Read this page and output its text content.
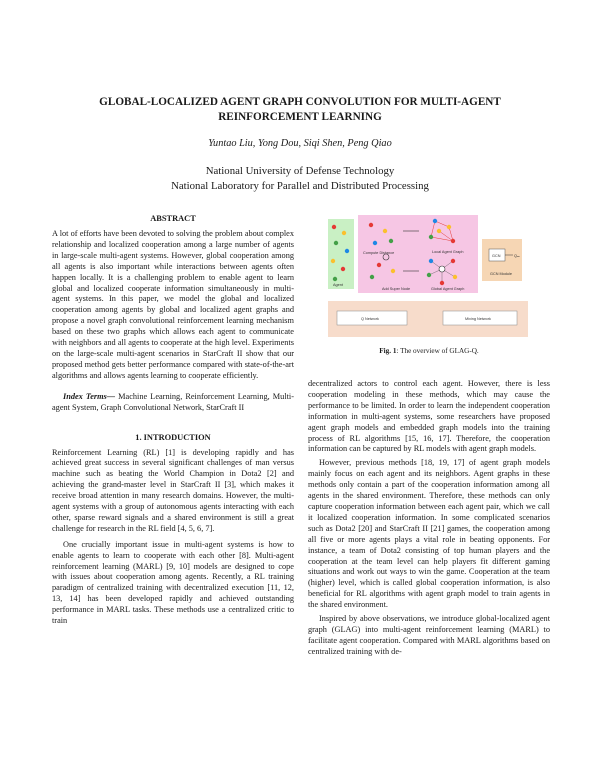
GLOBAL-LOCALIZED AGENT GRAPH CONVOLUTION FOR MULTI-AGENT REINFORCEMENT LEARNING
Yuntao Liu, Yong Dou, Siqi Shen, Peng Qiao
National University of Defense Technology
National Laboratory for Parallel and Distributed Processing
ABSTRACT

A lot of efforts have been devoted to solving the problem about complex relationship and localized cooperation among a large number of agents in large-scale multi-agent systems. However, global cooperation among all agents is also important while interactions between agents often happen locally. It is a challenging problem to enable agent to learn global and localized cooperate information simultaneously in multi-agent systems. In this paper, we model the global and localized cooperation among agents by global and localized agent graphs and propose a novel graph convolutional reinforcement learning mechanism based on these two graphs which allows each agent to communicate with neighbors and all agents to cooperate at the high level. Experiments on the large-scale multi-agent scenarios in StarCraft II show that our proposed method gets better performance compared with state-of-the-art algorithms and allows agents learning to cooperate efficiently.

Index Terms— Machine Learning, Reinforcement Learning, Multi-agent System, Graph Convolutional Network, StarCraft II

1. INTRODUCTION

Reinforcement Learning (RL) [1] is developing rapidly and has achieved great success in several significant challenges of man versus machine such as beating the World Champion in Dota2 [2] and achieving the grand-master level in StarCraft II [3], which makes it receive broad attention in many research domains. However, the multi-agent systems with a group of autonomous agents interacting with each other, sparse reward signals and a shared environment is still a great challenge for research in the RL field [4, 5, 6, 7].

One crucially important issue in multi-agent systems is how to enable agents to learn to cooperate with each other [8]. Multi-agent reinforcement learning (MARL) [9, 10] models are designed to cope with issues about cooperation among agents. Recently, a RL training paradigm of centralized training with decentralized execution [11, 12, 13, 14] has been developed rapidly and achieved outstanding performance in MARL tasks. These methods use a centralized critic to train

Agent
Compute Distance
Add Super Node
Local Agent Graph
Global Agent Graph
GCN	Qₐₙ
GCN Module
Q Network	Mixing Network
Fig. 1: The overview of GLAG-Q.

decentralized actors to control each agent. However, there is less cooperation modeling in these methods, which may cause the performance to be limited. In order to learn the independent cooperation information in multi-agent systems, some researchers have proposed agent graph models and embedded graph models into the training process of RL algorithms [15, 16, 17]. Therefore, the cooperation information can be captured by RL models with agent graph models.

However, previous methods [18, 19, 17] of agent graph models mainly focus on each agent and its neighbors. Agent graphs in these methods only contain a part of the cooperation information among all agents in the shared environment. Therefore, these methods can only capture cooperation information between each agent pair, which we call it localized cooperation information. In some complicated scenarios such as Dota2 [20] and StarCraft II [21] games, the cooperation among all five or more agents plays a vital role in beating opponents. For instance, a team of Dota2 consisting of top human players and the cooperation at the team level can help players fit different gaming situations and work out ways to win the game. Cooperation at the team (higher) level, which is called global cooperation information, is also beneficial for RL algorithms with agent graph model to train agents in the shared environment.

Inspired by above observations, we introduce global-localized agent graph (GLAG) into multi-agent reinforcement learning (MARL) to facilitate agent cooperation. Compared with MARL algorithms based on centralized training with de-
